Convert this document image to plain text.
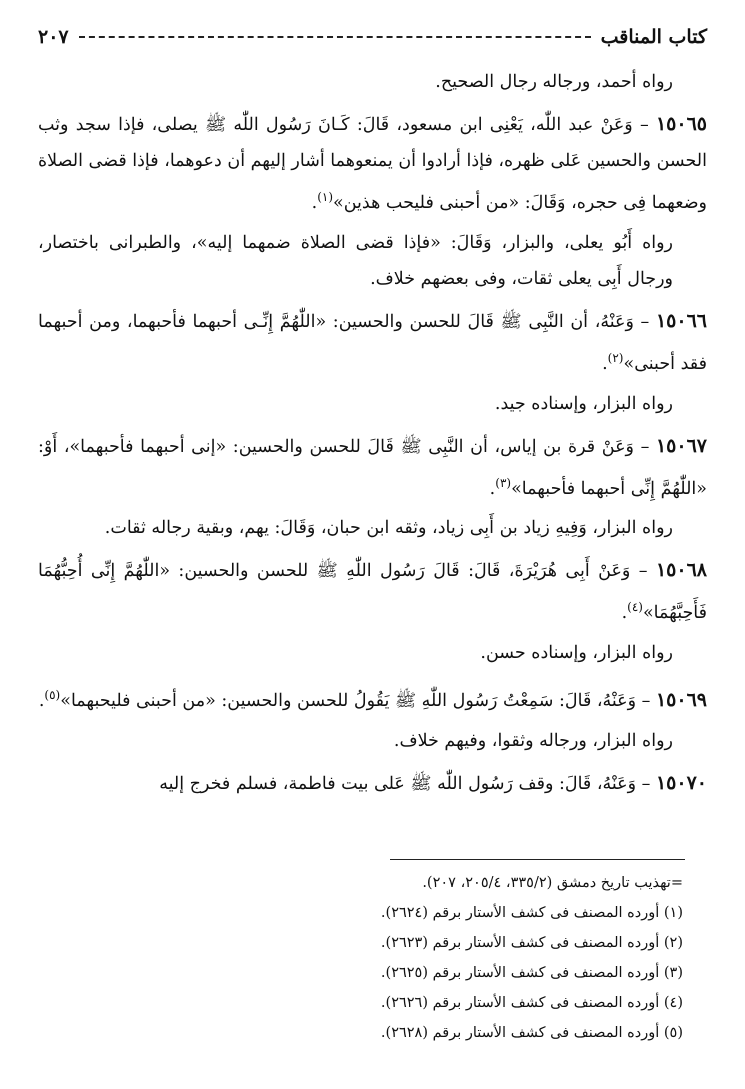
كتاب المناقب
٢٠٧

رواه أحمد، ورجاله رجال الصحيح.

١٥٠٦٥ – وَعَنْ عبد اللّٰه، يَعْنِى ابن مسعود، قَالَ: كَـانَ رَسُول اللّٰه ﷺ يصلى، فإذا سجد وثب الحسن والحسين عَلى ظهره، فإذا أرادوا أن يمنعوهما أشار إليهم أن دعوهما، فإذا قضى الصلاة وضعهما فِى حجره، وَقَالَ: «من أحبنى فليحب هذين»$^{(١)}$.

رواه أَبُو يعلى، والبزار، وَقَالَ: «فإذا قضى الصلاة ضمهما إليه»، والطبرانى باختصار، ورجال أَبِى يعلى ثقات، وفى بعضهم خلاف.

١٥٠٦٦ – وَعَنْهُ، أن النَّبِى ﷺ قَالَ للحسن والحسين: «اللّٰهُمَّ إِنِّـى أحبهما فأحبهما، ومن أحبهما فقد أحبنى»$^{(٢)}$.

رواه البزار، وإسناده جيد.

١٥٠٦٧ – وَعَنْ قرة بن إياس، أن النَّبِى ﷺ قَالَ للحسن والحسين: «إنى أحبهما فأحبهما»، أَوْ: «اللّٰهُمَّ إِنِّى أحبهما فأحبهما»$^{(٣)}$.

رواه البزار، وَفِيهِ زياد بن أَبِى زياد، وثقه ابن حبان، وَقَالَ: يهم، وبقية رجاله ثقات.

١٥٠٦٨ – وَعَنْ أَبِى هُرَيْرَةَ، قَالَ: قَالَ رَسُول اللّٰهِ ﷺ للحسن والحسين: «اللّٰهُمَّ إِنِّى أُحِبُّهُمَا فَأَحِبَّهُمَا»$^{(٤)}$.

رواه البزار، وإسناده حسن.

١٥٠٦٩ – وَعَنْهُ، قَالَ: سَمِعْتُ رَسُول اللّٰهِ ﷺ يَقُولُ للحسن والحسين: «من أحبنى فليحبهما»$^{(٥)}$.

رواه البزار، ورجاله وثقوا، وفيهم خلاف.

١٥٠٧٠ – وَعَنْهُ، قَالَ: وقف رَسُول اللّٰه ﷺ عَلى بيت فاطمة، فسلم فخرج إليه

=تهذيب تاريخ دمشق (٣٣٥/٢، ٢٠٥/٤، ٢٠٧).
(١) أورده المصنف فى كشف الأستار برقم (٢٦٢٤).
(٢) أورده المصنف فى كشف الأستار برقم (٢٦٢٣).
(٣) أورده المصنف فى كشف الأستار برقم (٢٦٢٥).
(٤) أورده المصنف فى كشف الأستار برقم (٢٦٢٦).
(٥) أورده المصنف فى كشف الأستار برقم (٢٦٢٨).
